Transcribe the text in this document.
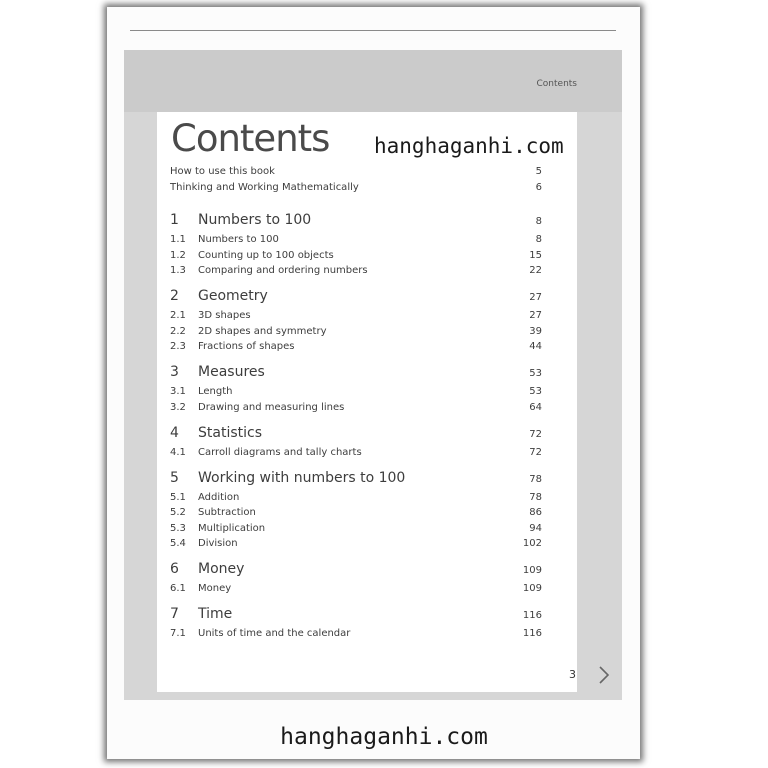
Contents
Contents hanghaganhi.com
How to use this book	5
Thinking and Working Mathematically	6
1 Numbers to 100	8
1.1 Numbers to 100	8
1.2 Counting up to 100 objects	15
1.3 Comparing and ordering numbers	22
2 Geometry	27
2.1 3D shapes	27
2.2 2D shapes and symmetry	39
2.3 Fractions of shapes	44
3 Measures	53
3.1 Length	53
3.2 Drawing and measuring lines	64
4 Statistics	72
4.1 Carroll diagrams and tally charts	72
5 Working with numbers to 100	78
5.1 Addition	78
5.2 Subtraction	86
5.3 Multiplication	94
5.4 Division	102
6 Money	109
6.1 Money	109
7 Time	116
7.1 Units of time and the calendar	116
3
hanghaganhi.com
